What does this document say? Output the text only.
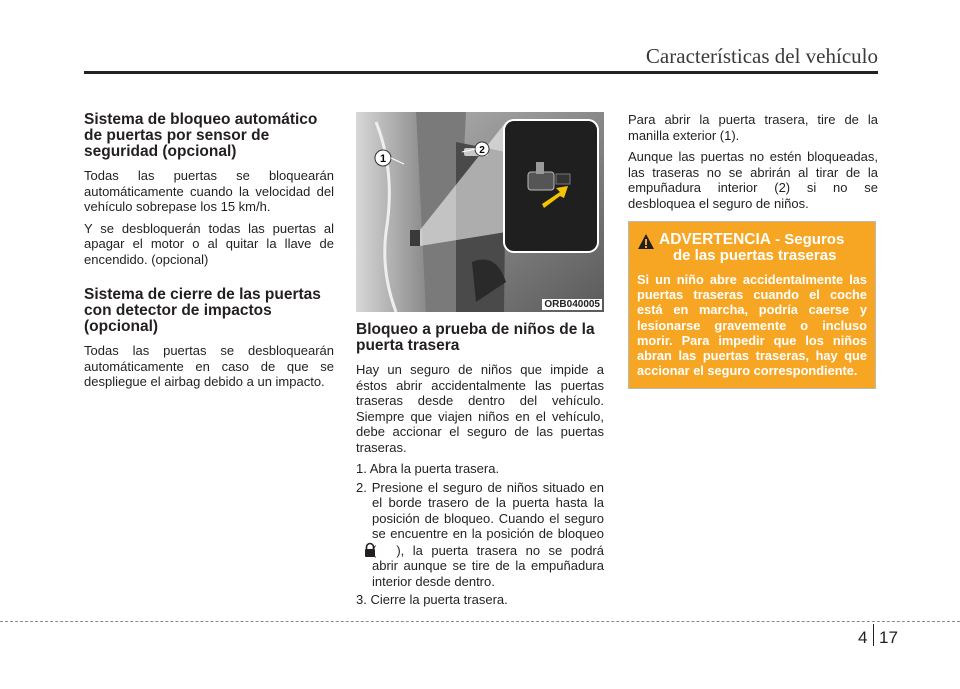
Características del vehículo
Sistema de bloqueo automático de puertas por sensor de seguridad (opcional)

Todas las puertas se bloquearán automáticamente cuando la velocidad del vehículo sobrepase los 15 km/h.

Y se desbloquerán todas las puertas al apagar el motor o al quitar la llave de encendido. (opcional)

Sistema de cierre de las puertas con detector de impactos (opcional)

Todas las puertas se desbloquearán automáticamente en caso de que se despliegue el airbag debido a un impacto.

1
2
ORB040005
Bloqueo a prueba de niños de la puerta trasera

Hay un seguro de niños que impide a éstos abrir accidentalmente las puertas traseras desde dentro del vehículo. Siempre que viajen niños en el vehículo, debe accionar el seguro de las puertas traseras.

1. Abra la puerta trasera.
2. Presione el seguro de niños situado en el borde trasero de la puerta hasta la posición de bloqueo. Cuando el seguro se encuentre en la posición de bloqueo ), la puerta trasera no se podrá abrir aunque se tire de la empuñadura interior desde dentro.
3. Cierre la puerta trasera.

Para abrir la puerta trasera, tire de la manilla exterior (1).

Aunque las puertas no estén bloqueadas, las traseras no se abrirán al tirar de la empuñadura interior (2) si no se desbloquea el seguro de niños.

ADVERTENCIA - Seguros
de las puertas traseras

Si un niño abre accidentalmente las puertas traseras cuando el coche está en marcha, podría caerse y lesionarse gravemente o incluso morir. Para impedir que los niños abran las puertas traseras, hay que accionar el seguro correspondiente.

4 17
